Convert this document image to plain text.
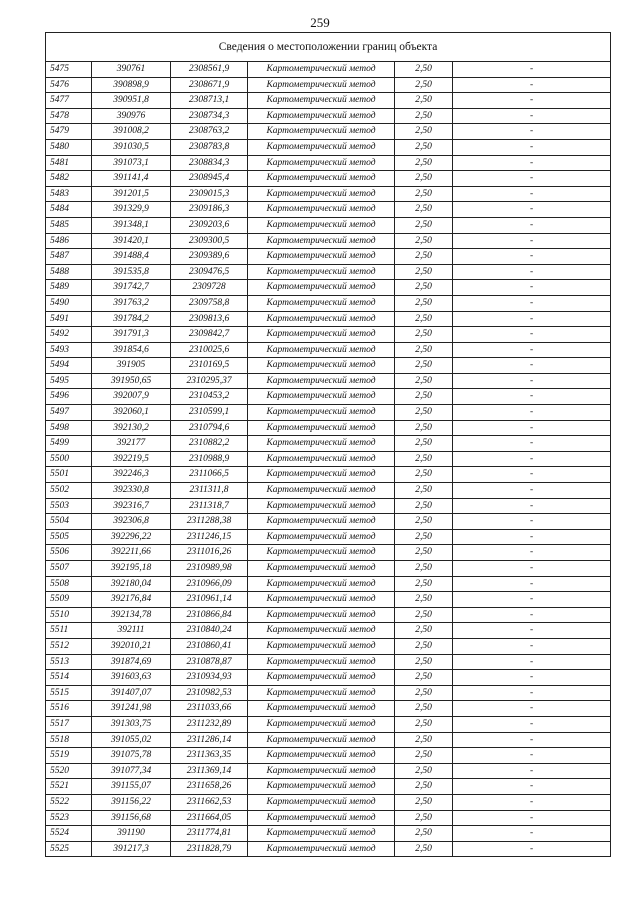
259
Сведения о местоположении границ объекта					
5475	390761	2308561,9	Картометрический метод	2,50	-
5476	390898,9	2308671,9	Картометрический метод	2,50	-
5477	390951,8	2308713,1	Картометрический метод	2,50	-
5478	390976	2308734,3	Картометрический метод	2,50	-
5479	391008,2	2308763,2	Картометрический метод	2,50	-
5480	391030,5	2308783,8	Картометрический метод	2,50	-
5481	391073,1	2308834,3	Картометрический метод	2,50	-
5482	391141,4	2308945,4	Картометрический метод	2,50	-
5483	391201,5	2309015,3	Картометрический метод	2,50	-
5484	391329,9	2309186,3	Картометрический метод	2,50	-
5485	391348,1	2309203,6	Картометрический метод	2,50	-
5486	391420,1	2309300,5	Картометрический метод	2,50	-
5487	391488,4	2309389,6	Картометрический метод	2,50	-
5488	391535,8	2309476,5	Картометрический метод	2,50	-
5489	391742,7	2309728	Картометрический метод	2,50	-
5490	391763,2	2309758,8	Картометрический метод	2,50	-
5491	391784,2	2309813,6	Картометрический метод	2,50	-
5492	391791,3	2309842,7	Картометрический метод	2,50	-
5493	391854,6	2310025,6	Картометрический метод	2,50	-
5494	391905	2310169,5	Картометрический метод	2,50	-
5495	391950,65	2310295,37	Картометрический метод	2,50	-
5496	392007,9	2310453,2	Картометрический метод	2,50	-
5497	392060,1	2310599,1	Картометрический метод	2,50	-
5498	392130,2	2310794,6	Картометрический метод	2,50	-
5499	392177	2310882,2	Картометрический метод	2,50	-
5500	392219,5	2310988,9	Картометрический метод	2,50	-
5501	392246,3	2311066,5	Картометрический метод	2,50	-
5502	392330,8	2311311,8	Картометрический метод	2,50	-
5503	392316,7	2311318,7	Картометрический метод	2,50	-
5504	392306,8	2311288,38	Картометрический метод	2,50	-
5505	392296,22	2311246,15	Картометрический метод	2,50	-
5506	392211,66	2311016,26	Картометрический метод	2,50	-
5507	392195,18	2310989,98	Картометрический метод	2,50	-
5508	392180,04	2310966,09	Картометрический метод	2,50	-
5509	392176,84	2310961,14	Картометрический метод	2,50	-
5510	392134,78	2310866,84	Картометрический метод	2,50	-
5511	392111	2310840,24	Картометрический метод	2,50	-
5512	392010,21	2310860,41	Картометрический метод	2,50	-
5513	391874,69	2310878,87	Картометрический метод	2,50	-
5514	391603,63	2310934,93	Картометрический метод	2,50	-
5515	391407,07	2310982,53	Картометрический метод	2,50	-
5516	391241,98	2311033,66	Картометрический метод	2,50	-
5517	391303,75	2311232,89	Картометрический метод	2,50	-
5518	391055,02	2311286,14	Картометрический метод	2,50	-
5519	391075,78	2311363,35	Картометрический метод	2,50	-
5520	391077,34	2311369,14	Картометрический метод	2,50	-
5521	391155,07	2311658,26	Картометрический метод	2,50	-
5522	391156,22	2311662,53	Картометрический метод	2,50	-
5523	391156,68	2311664,05	Картометрический метод	2,50	-
5524	391190	2311774,81	Картометрический метод	2,50	-
5525	391217,3	2311828,79	Картометрический метод	2,50	-
